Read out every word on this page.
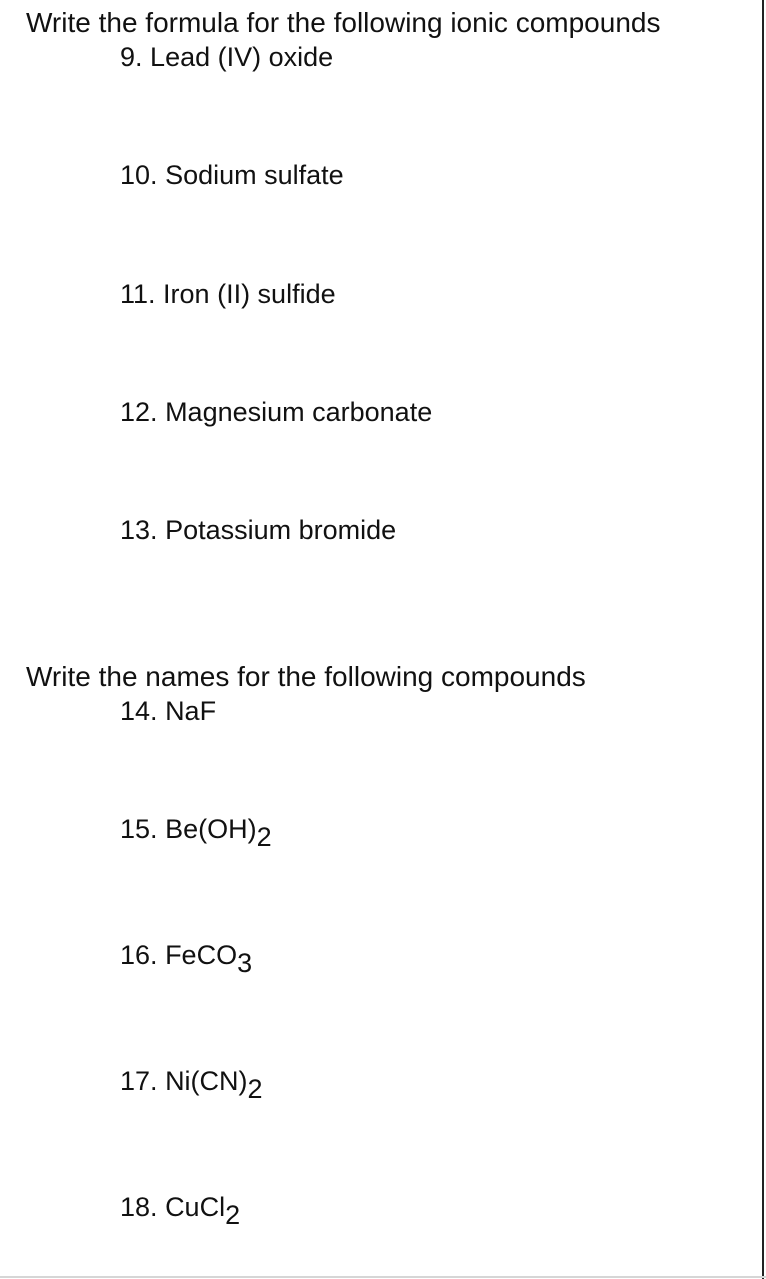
Write the formula for the following ionic compounds
9. Lead (IV) oxide
10. Sodium sulfate
11. Iron (II) sulfide
12. Magnesium carbonate
13. Potassium bromide
Write the names for the following compounds
14. NaF
15. Be(OH)2
16. FeCO3
17. Ni(CN)2
18. CuCl2
